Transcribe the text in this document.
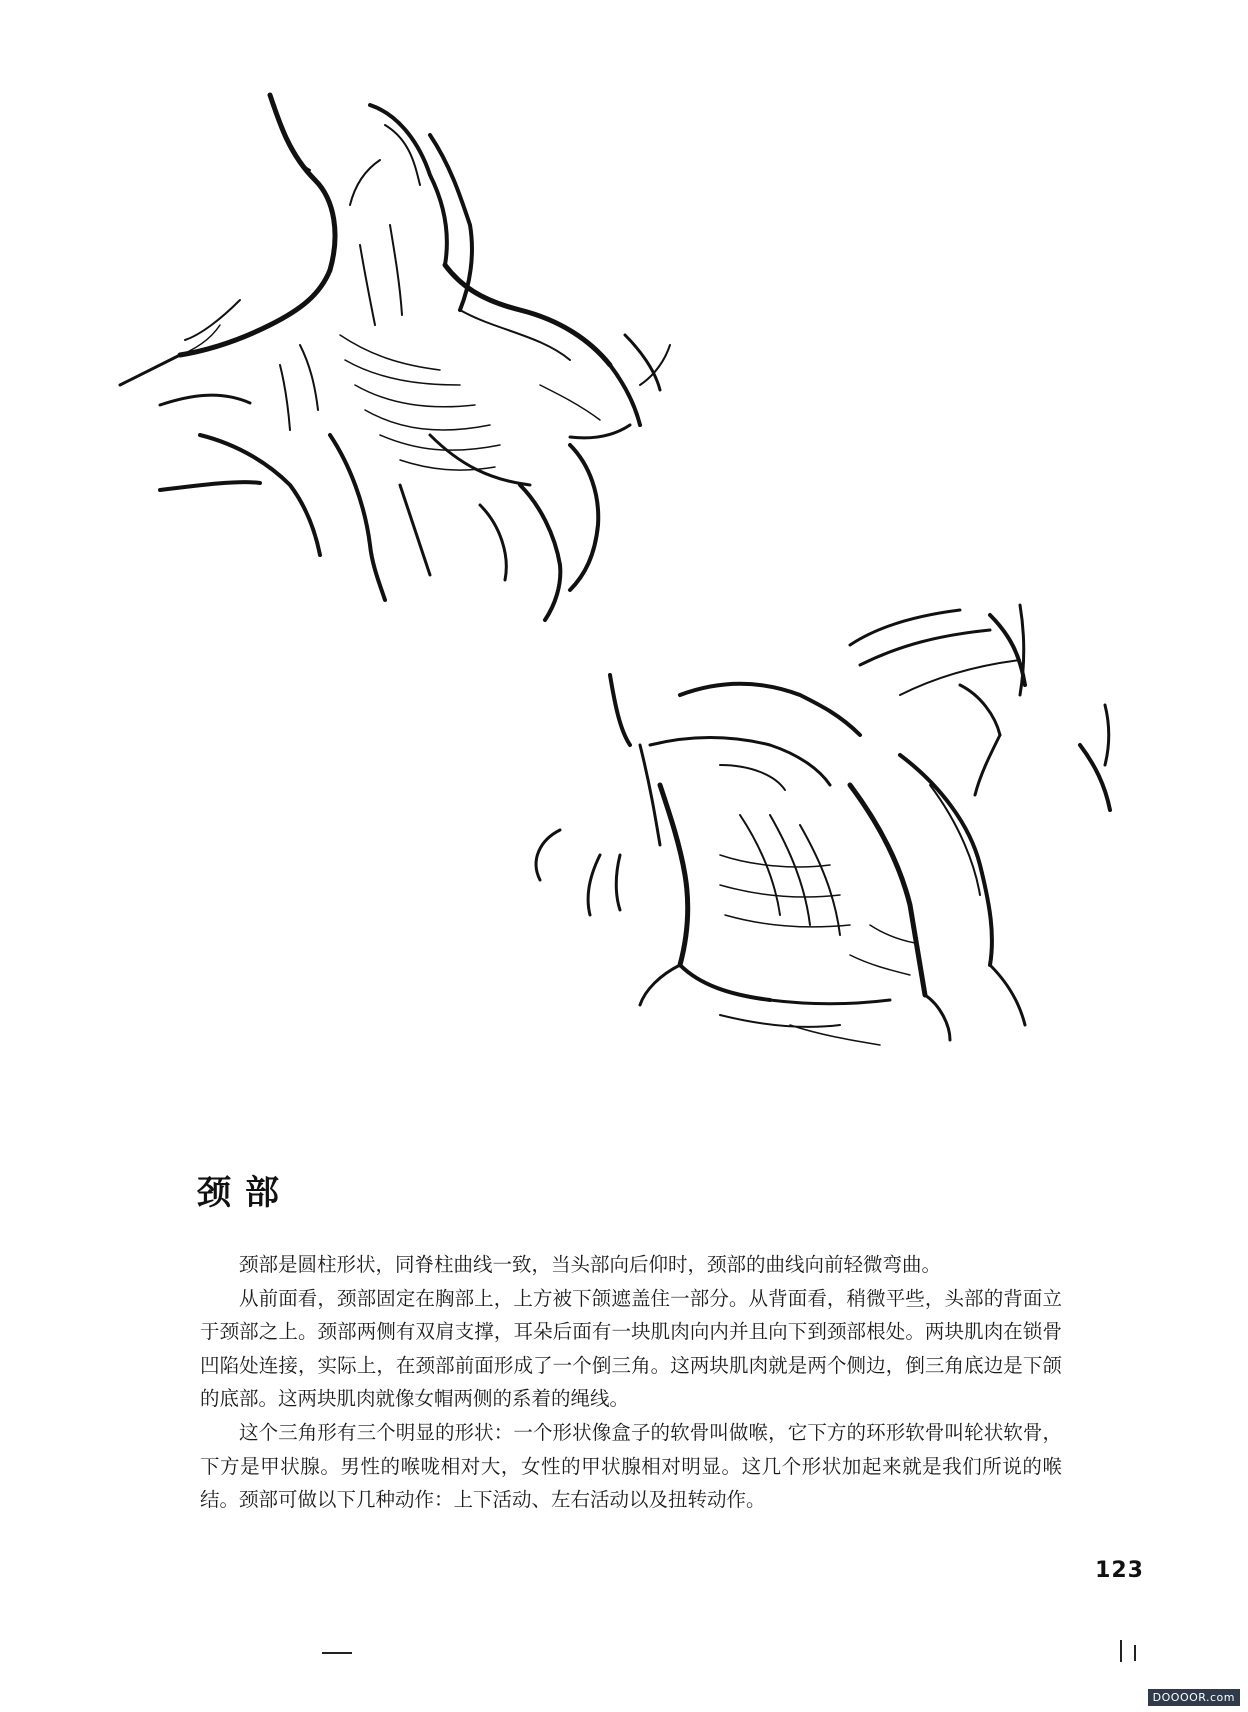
颈部

颈部是圆柱形状，同脊柱曲线一致，当头部向后仰时，颈部的曲线向前轻微弯曲。

从前面看，颈部固定在胸部上，上方被下颌遮盖住一部分。从背面看，稍微平些，头部的背面立于颈部之上。颈部两侧有双肩支撑，耳朵后面有一块肌肉向内并且向下到颈部根处。两块肌肉在锁骨凹陷处连接，实际上，在颈部前面形成了一个倒三角。这两块肌肉就是两个侧边，倒三角底边是下颌的底部。这两块肌肉就像女帽两侧的系着的绳线。

这个三角形有三个明显的形状：一个形状像盒子的软骨叫做喉，它下方的环形软骨叫轮状软骨，下方是甲状腺。男性的喉咙相对大，女性的甲状腺相对明显。这几个形状加起来就是我们所说的喉结。颈部可做以下几种动作：上下活动、左右活动以及扭转动作。

123
DOOOOR.com
